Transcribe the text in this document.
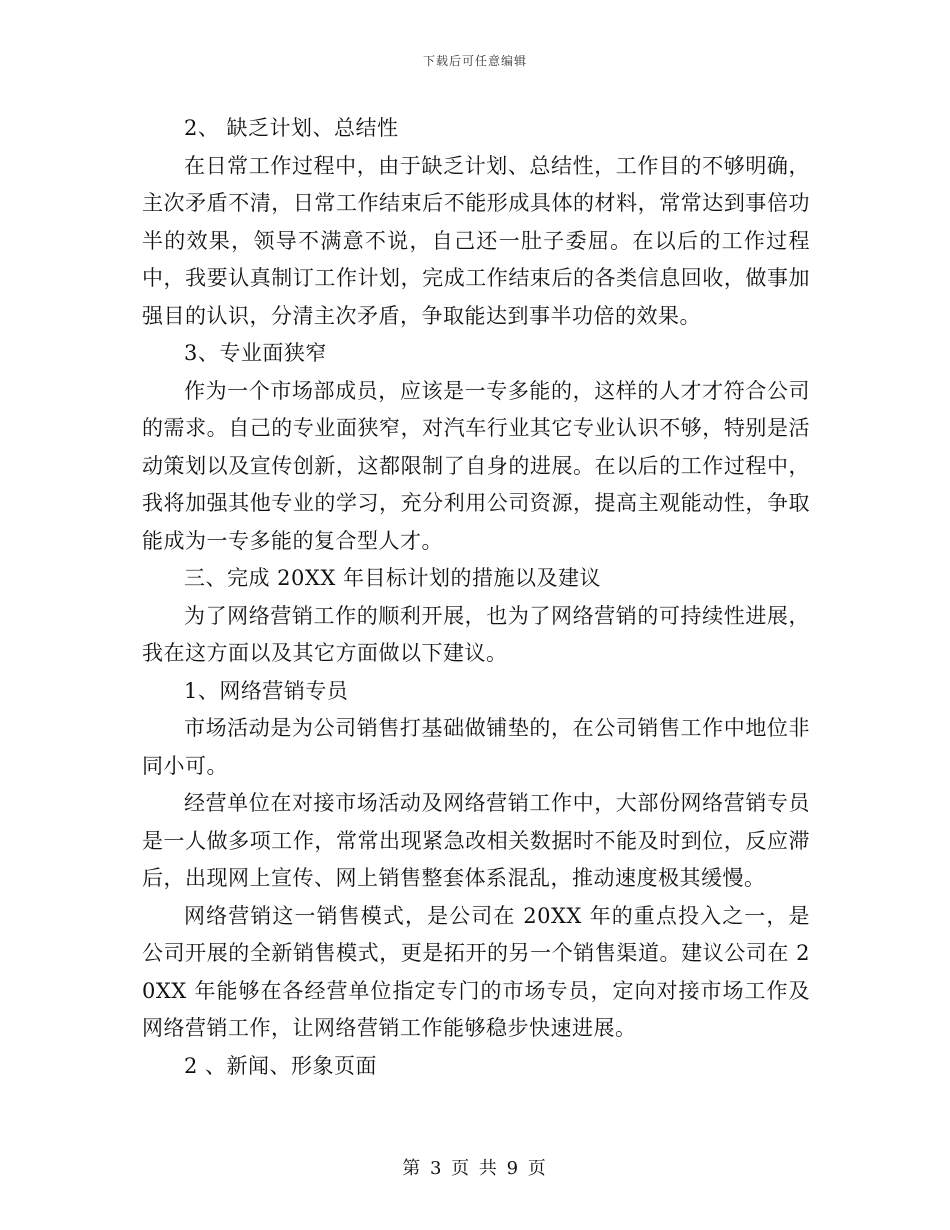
下载后可任意编辑

2、 缺乏计划、总结性

在日常工作过程中，由于缺乏计划、总结性，工作目的不够明确，主次矛盾不清，日常工作结束后不能形成具体的材料，常常达到事倍功半的效果，领导不满意不说，自己还一肚子委屈。在以后的工作过程中，我要认真制订工作计划，完成工作结束后的各类信息回收，做事加强目的认识，分清主次矛盾，争取能达到事半功倍的效果。

3、专业面狭窄

作为一个市场部成员，应该是一专多能的，这样的人才才符合公司的需求。自己的专业面狭窄，对汽车行业其它专业认识不够，特别是活动策划以及宣传创新，这都限制了自身的进展。在以后的工作过程中，我将加强其他专业的学习，充分利用公司资源，提高主观能动性，争取能成为一专多能的复合型人才。

三、完成 20XX 年目标计划的措施以及建议

为了网络营销工作的顺利开展，也为了网络营销的可持续性进展，我在这方面以及其它方面做以下建议。

1、网络营销专员

市场活动是为公司销售打基础做铺垫的，在公司销售工作中地位非同小可。

经营单位在对接市场活动及网络营销工作中，大部份网络营销专员是一人做多项工作，常常出现紧急改相关数据时不能及时到位，反应滞后，出现网上宣传、网上销售整套体系混乱，推动速度极其缓慢。

网络营销这一销售模式，是公司在 20XX 年的重点投入之一，是公司开展的全新销售模式，更是拓开的另一个销售渠道。建议公司在 20XX 年能够在各经营单位指定专门的市场专员，定向对接市场工作及网络营销工作，让网络营销工作能够稳步快速进展。

2 、新闻、形象页面

第 3 页 共 9 页
